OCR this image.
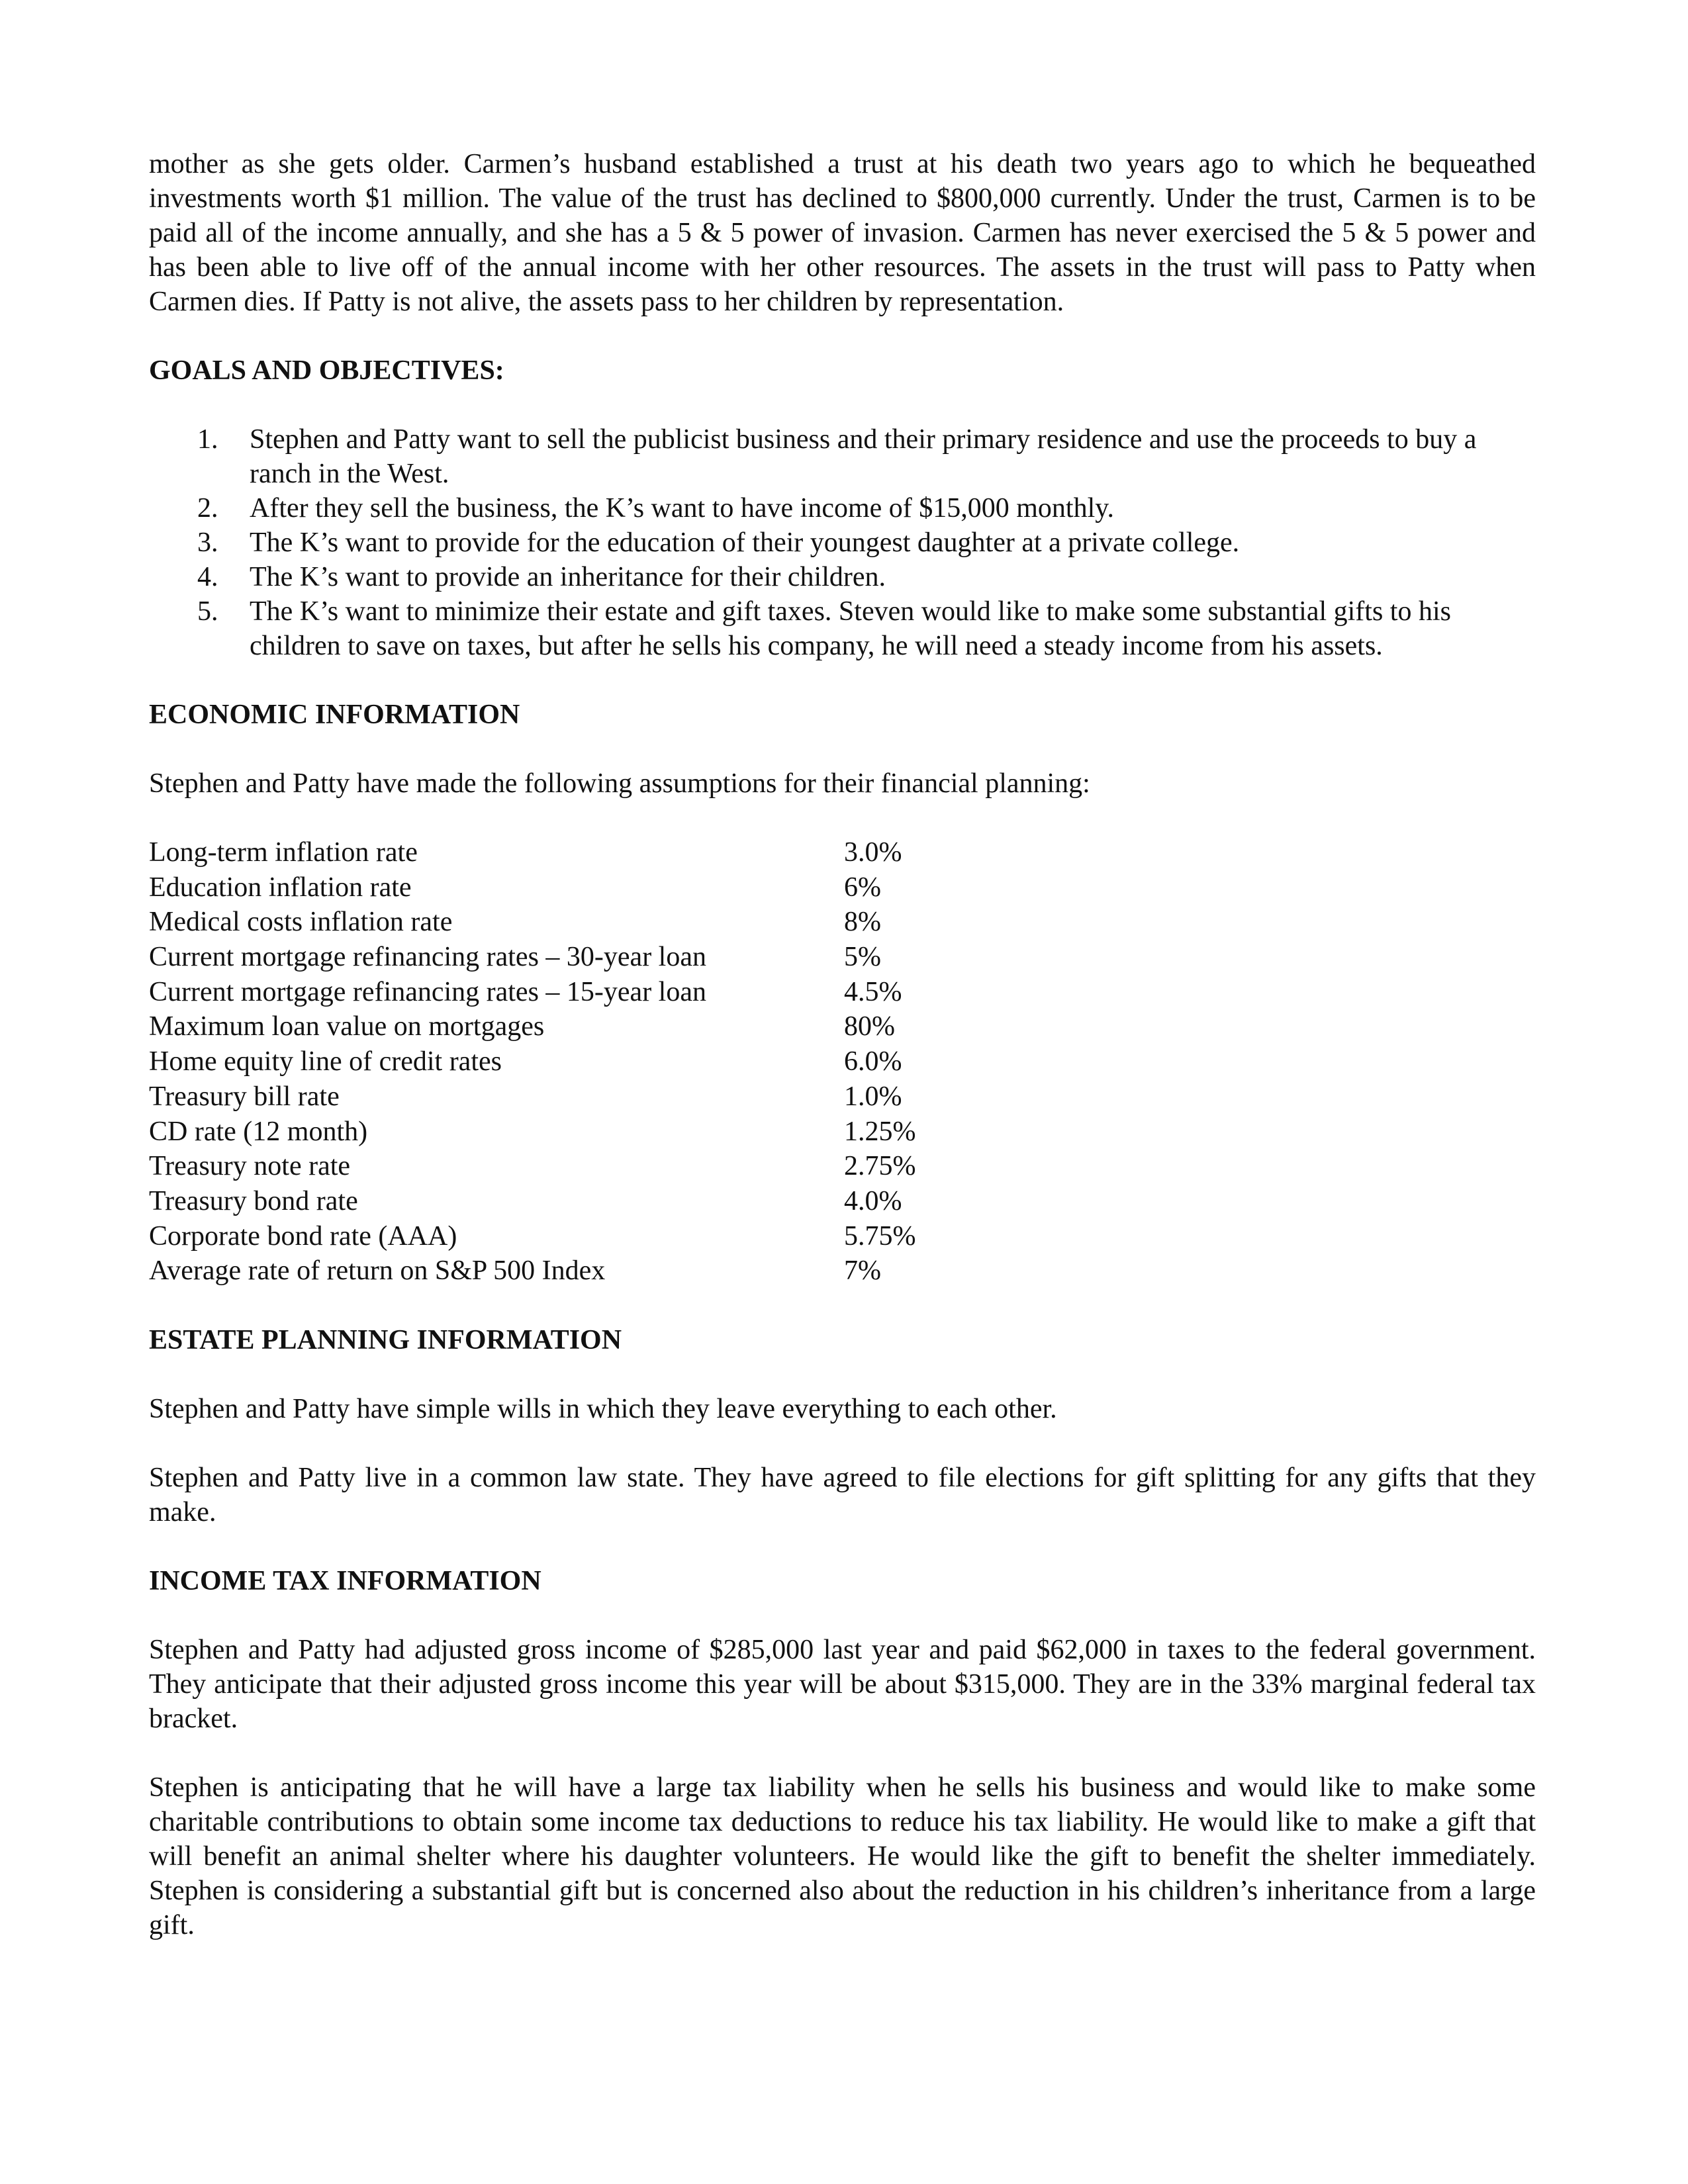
mother as she gets older. Carmen’s husband established a trust at his death two years ago to which he bequeathed investments worth $1 million. The value of the trust has declined to $800,000 currently. Under the trust, Carmen is to be paid all of the income annually, and she has a 5 & 5 power of invasion. Carmen has never exercised the 5 & 5 power and has been able to live off of the annual income with her other resources. The assets in the trust will pass to Patty when Carmen dies. If Patty is not alive, the assets pass to her children by representation.

GOALS AND OBJECTIVES:
1.	Stephen and Patty want to sell the publicist business and their primary residence and use the proceeds to buy a ranch in the West.
2.	After they sell the business, the K’s want to have income of $15,000 monthly.
3.	The K’s want to provide for the education of their youngest daughter at a private college.
4.	The K’s want to provide an inheritance for their children.
5.	The K’s want to minimize their estate and gift taxes. Steven would like to make some substantial gifts to his children to save on taxes, but after he sells his company, he will need a steady income from his assets.
ECONOMIC INFORMATION

Stephen and Patty have made the following assumptions for their financial planning:

Long-term inflation rate	3.0%
Education inflation rate	6%
Medical costs inflation rate	8%
Current mortgage refinancing rates – 30-year loan	5%
Current mortgage refinancing rates – 15-year loan	4.5%
Maximum loan value on mortgages	80%
Home equity line of credit rates	6.0%
Treasury bill rate	1.0%
CD rate (12 month)	1.25%
Treasury note rate	2.75%
Treasury bond rate	4.0%
Corporate bond rate (AAA)	5.75%
Average rate of return on S&P 500 Index	7%
ESTATE PLANNING INFORMATION

Stephen and Patty have simple wills in which they leave everything to each other.

Stephen and Patty live in a common law state. They have agreed to file elections for gift splitting for any gifts that they make.

INCOME TAX INFORMATION

Stephen and Patty had adjusted gross income of $285,000 last year and paid $62,000 in taxes to the federal government. They anticipate that their adjusted gross income this year will be about $315,000. They are in the 33% marginal federal tax bracket.

Stephen is anticipating that he will have a large tax liability when he sells his business and would like to make some charitable contributions to obtain some income tax deductions to reduce his tax liability. He would like to make a gift that will benefit an animal shelter where his daughter volunteers. He would like the gift to benefit the shelter immediately. Stephen is considering a substantial gift but is concerned also about the reduction in his children’s inheritance from a large gift.
